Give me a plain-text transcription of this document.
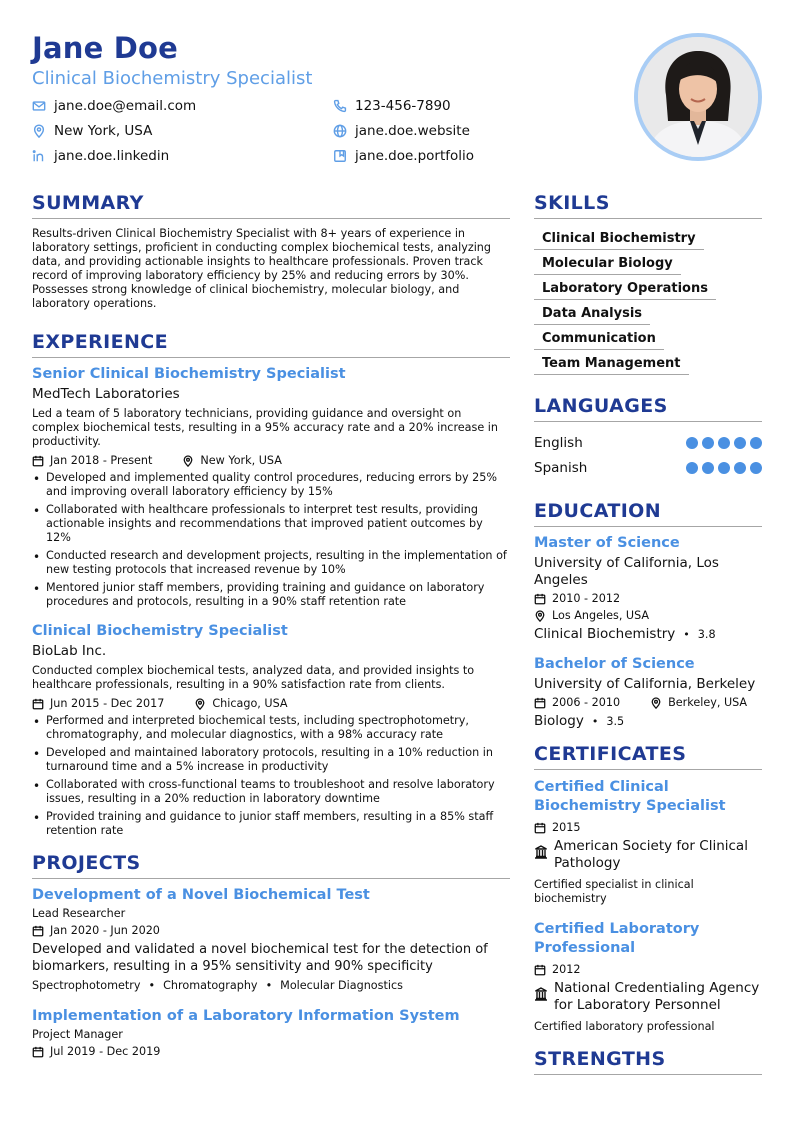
Jane Doe
Clinical Biochemistry Specialist
jane.doe@email.com	123-456-7890
New York, USA	jane.doe.website
jane.doe.linkedin	jane.doe.portfolio
SUMMARY
Results-driven Clinical Biochemistry Specialist with 8+ years of experience in laboratory settings, proficient in conducting complex biochemical tests, analyzing data, and providing actionable insights to healthcare professionals. Proven track record of improving laboratory efficiency by 25% and reducing errors by 30%. Possesses strong knowledge of clinical biochemistry, molecular biology, and laboratory operations.
EXPERIENCE
Senior Clinical Biochemistry Specialist
MedTech Laboratories
Led a team of 5 laboratory technicians, providing guidance and oversight on complex biochemical tests, resulting in a 95% accuracy rate and a 20% increase in productivity.
Jan 2018 - Present	New York, USA
• Developed and implemented quality control procedures, reducing errors by 25% and improving overall laboratory efficiency by 15%
• Collaborated with healthcare professionals to interpret test results, providing actionable insights and recommendations that improved patient outcomes by 12%
• Conducted research and development projects, resulting in the implementation of new testing protocols that increased revenue by 10%
• Mentored junior staff members, providing training and guidance on laboratory procedures and protocols, resulting in a 90% staff retention rate
Clinical Biochemistry Specialist
BioLab Inc.
Conducted complex biochemical tests, analyzed data, and provided insights to healthcare professionals, resulting in a 90% satisfaction rate from clients.
Jun 2015 - Dec 2017	Chicago, USA
• Performed and interpreted biochemical tests, including spectrophotometry, chromatography, and molecular diagnostics, with a 98% accuracy rate
• Developed and maintained laboratory protocols, resulting in a 10% reduction in turnaround time and a 5% increase in productivity
• Collaborated with cross-functional teams to troubleshoot and resolve laboratory issues, resulting in a 20% reduction in laboratory downtime
• Provided training and guidance to junior staff members, resulting in a 85% staff retention rate
PROJECTS
Development of a Novel Biochemical Test
Lead Researcher
Jan 2020 - Jun 2020
Developed and validated a novel biochemical test for the detection of biomarkers, resulting in a 95% sensitivity and 90% specificity
Spectrophotometry • Chromatography • Molecular Diagnostics
Implementation of a Laboratory Information System
Project Manager
Jul 2019 - Dec 2019
SKILLS
Clinical Biochemistry
Molecular Biology
Laboratory Operations
Data Analysis
Communication
Team Management
LANGUAGES
English
Spanish
EDUCATION
Master of Science
University of California, Los Angeles
2010 - 2012
Los Angeles, USA
Clinical Biochemistry • 3.8
Bachelor of Science
University of California, Berkeley
2006 - 2010	Berkeley, USA
Biology • 3.5
CERTIFICATES
Certified Clinical Biochemistry Specialist
2015
American Society for Clinical Pathology
Certified specialist in clinical biochemistry
Certified Laboratory Professional
2012
National Credentialing Agency for Laboratory Personnel
Certified laboratory professional
STRENGTHS
